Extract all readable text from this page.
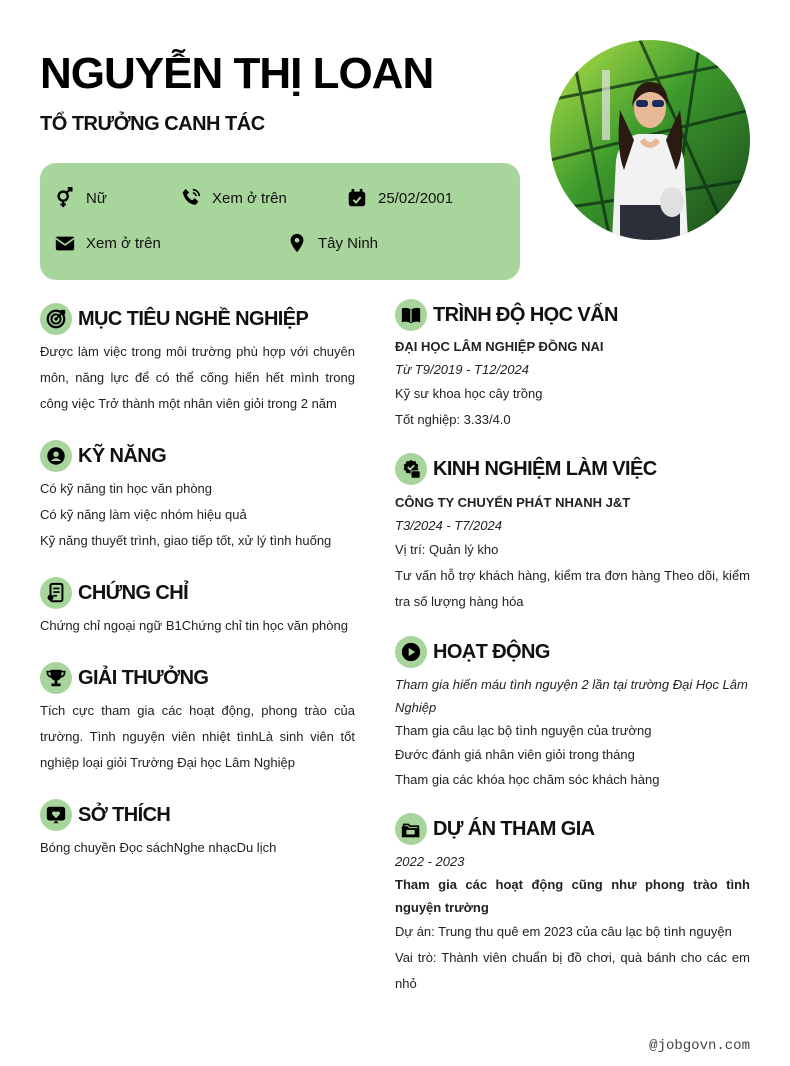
NGUYỄN THỊ LOAN
TỔ TRƯỞNG CANH TÁC
Nữ	Xem ở trên	25/02/2001
Xem ở trên	Tây Ninh
MỤC TIÊU NGHỀ NGHIỆP
Được làm việc trong môi trường phù hợp với chuyên môn, năng lực để có thể cống hiến hết mình trong công việc Trở thành một nhân viên giỏi trong 2 năm
KỸ NĂNG
Có kỹ năng tin học văn phòng
Có kỹ năng làm việc nhóm hiệu quả
Kỹ năng thuyết trình, giao tiếp tốt, xử lý tình huống
CHỨNG CHỈ
Chứng chỉ ngoại ngữ B1Chứng chỉ tin học văn phòng
GIẢI THƯỞNG
Tích cực tham gia các hoạt động, phong trào của trường. Tình nguyện viên nhiệt tìnhLà sinh viên tốt nghiệp loại giỏi Trường Đại học Lâm Nghiệp
SỞ THÍCH
Bóng chuyền Đọc sáchNghe nhạcDu lịch
TRÌNH ĐỘ HỌC VẤN
ĐẠI HỌC LÂM NGHIỆP ĐỒNG NAI
Từ T9/2019 - T12/2024
Kỹ sư khoa học cây trồng
Tốt nghiệp: 3.33/4.0
KINH NGHIỆM LÀM VIỆC
CÔNG TY CHUYỂN PHÁT NHANH J&T
T3/2024 - T7/2024
Vị trí: Quản lý kho
Tư vấn hỗ trợ khách hàng, kiểm tra đơn hàng Theo dõi, kiểm tra số lượng hàng hóa
HOẠT ĐỘNG
Tham gia hiến máu tình nguyện 2 lần tại trường Đại Học Lâm Nghiệp
Tham gia câu lạc bộ tình nguyện của trường
Đước đánh giá nhân viên giỏi trong tháng
Tham gia các khóa học chăm sóc khách hàng
DỰ ÁN THAM GIA
2022 - 2023
Tham gia các hoạt động cũng như phong trào tình nguyện trường
Dự án: Trung thu quê em 2023 của câu lạc bộ tình nguyện
Vai trò: Thành viên chuẩn bị đồ chơi, quà bánh cho các em nhỏ
@jobgovn.com
